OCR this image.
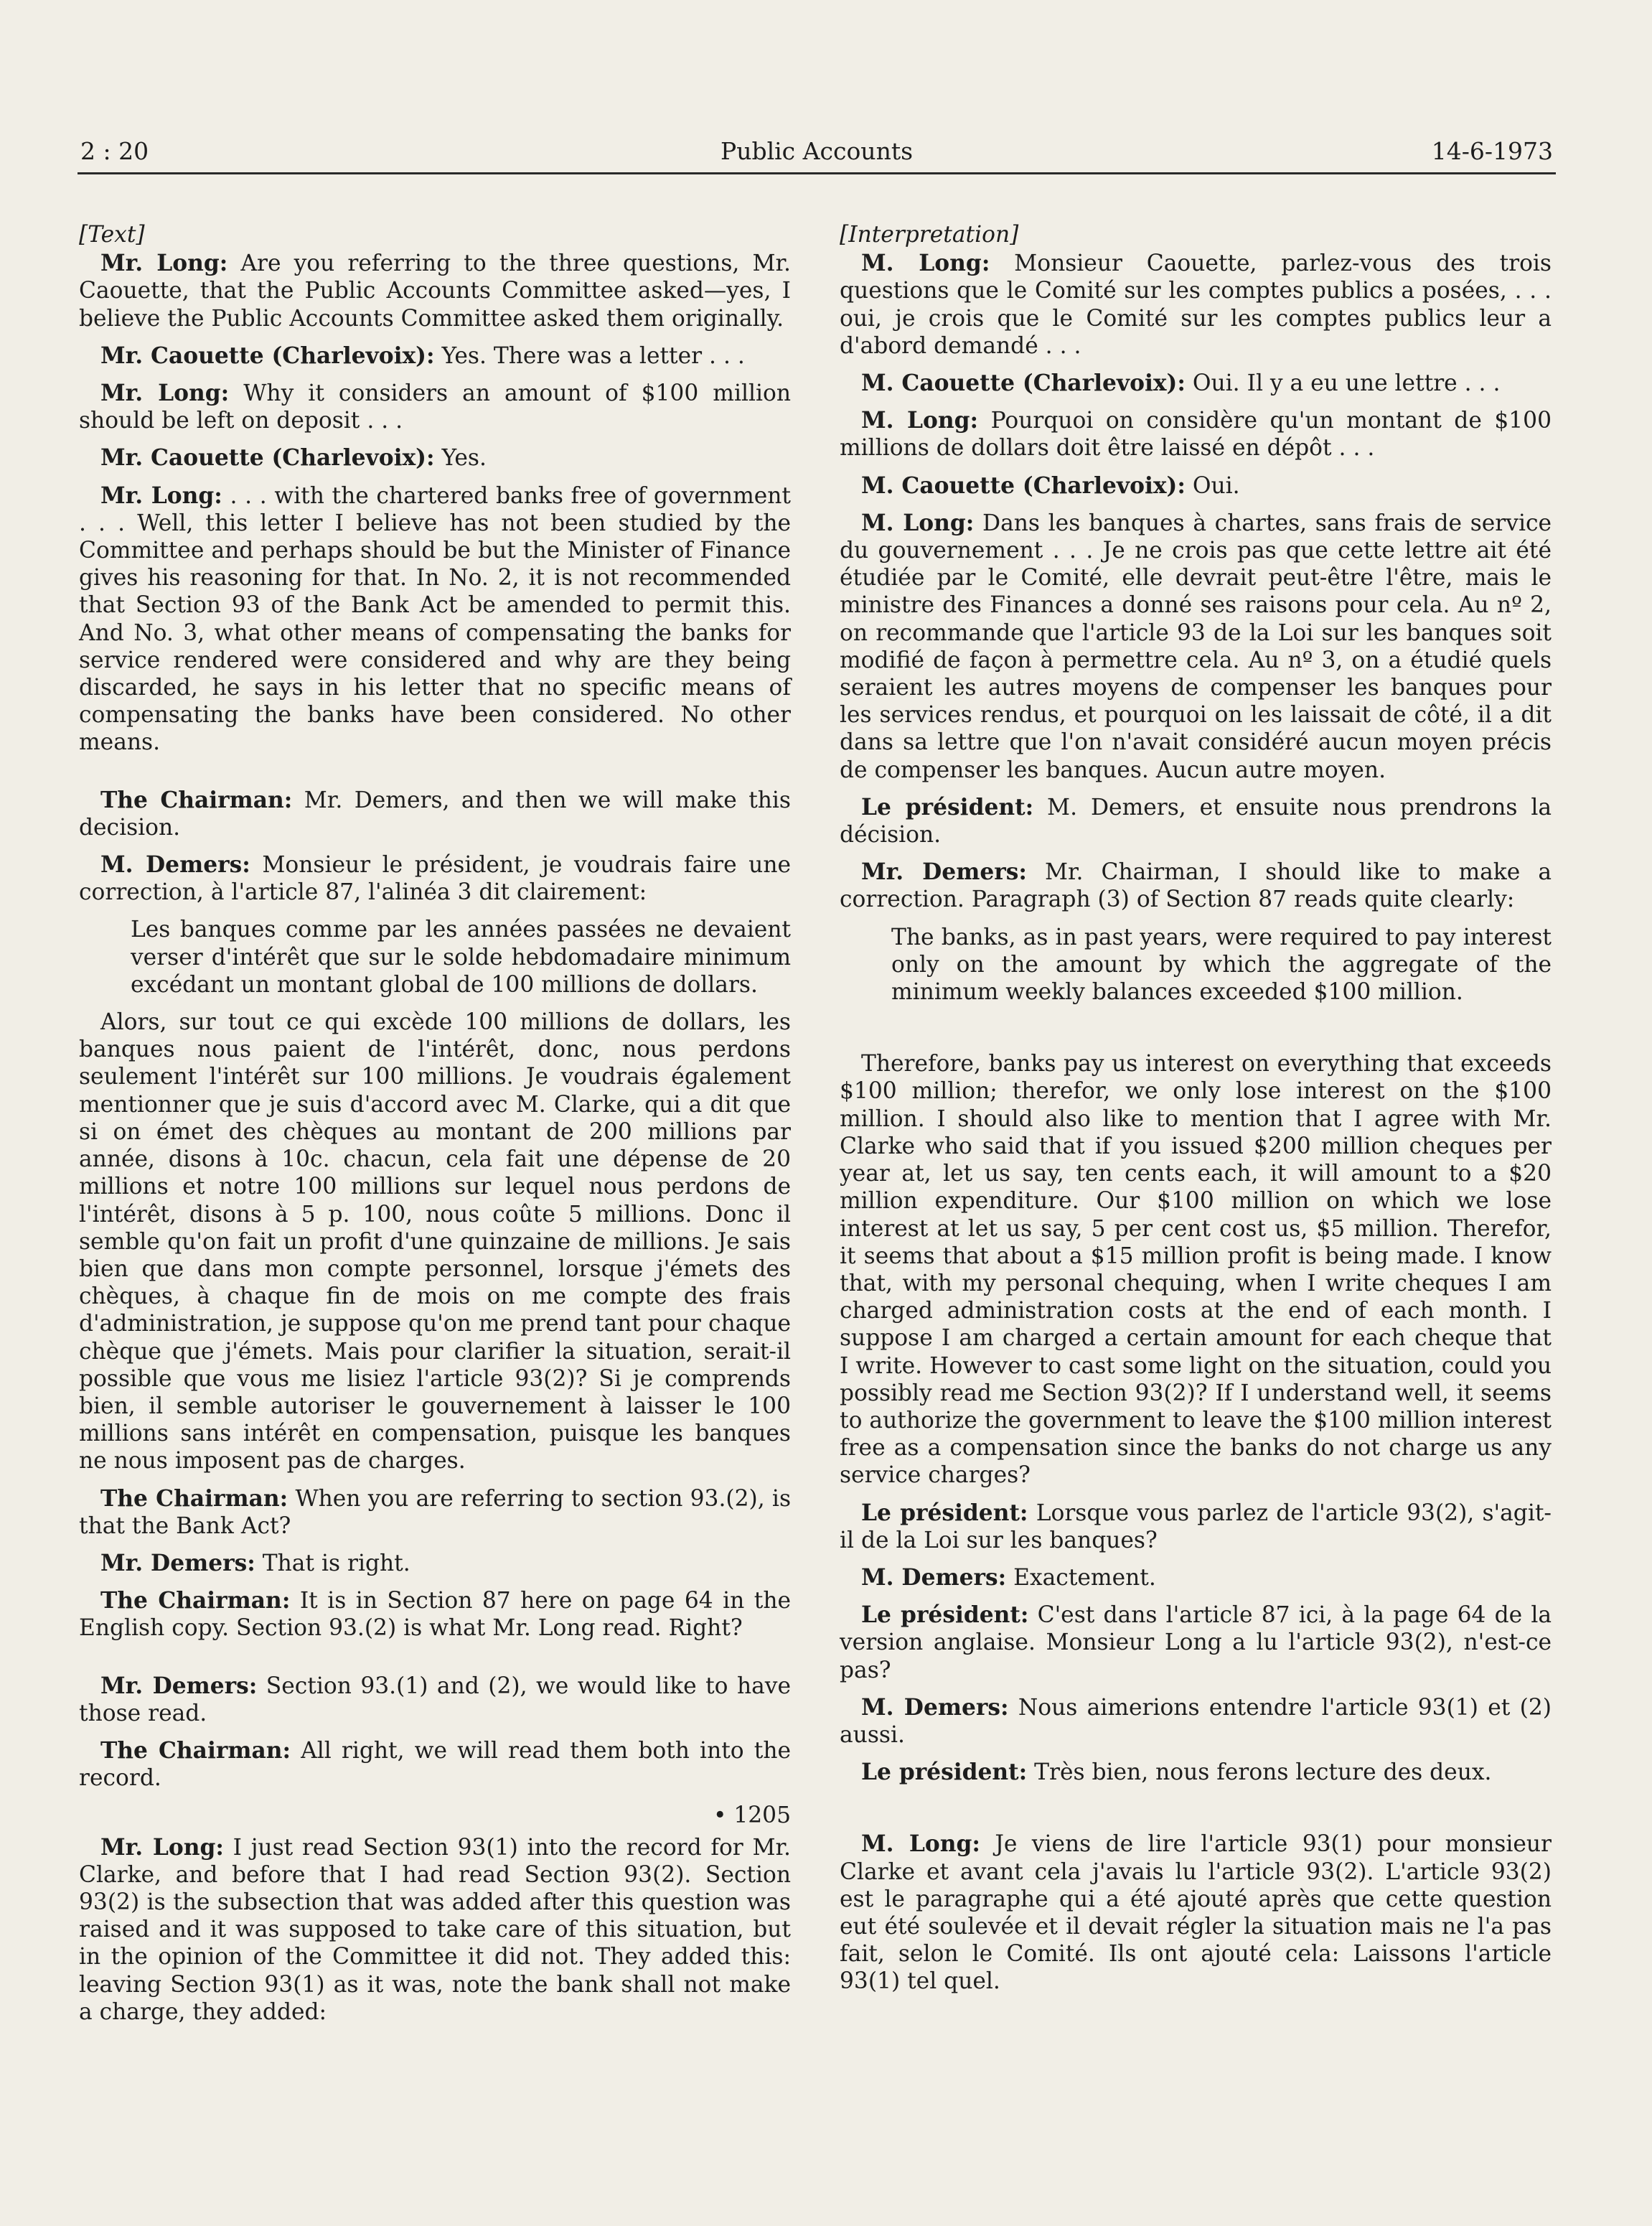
2 : 20	Public Accounts	14-6-1973
[Text]

Mr. Long: Are you referring to the three questions, Mr. Caouette, that the Public Accounts Committee asked—yes, I believe the Public Accounts Committee asked them originally.

Mr. Caouette (Charlevoix): Yes. There was a letter . . .

Mr. Long: Why it considers an amount of $100 million should be left on deposit . . .

Mr. Caouette (Charlevoix): Yes.

Mr. Long: . . . with the chartered banks free of government . . . Well, this letter I believe has not been studied by the Committee and perhaps should be but the Minister of Finance gives his reasoning for that. In No. 2, it is not recommended that Section 93 of the Bank Act be amended to permit this. And No. 3, what other means of compensating the banks for service rendered were considered and why are they being discarded, he says in his letter that no specific means of compensating the banks have been considered. No other means.

The Chairman: Mr. Demers, and then we will make this decision.

M. Demers: Monsieur le président, je voudrais faire une correction, à l'article 87, l'alinéa 3 dit clairement:

Les banques comme par les années passées ne devaient verser d'intérêt que sur le solde hebdomadaire minimum excédant un montant global de 100 millions de dollars.

Alors, sur tout ce qui excède 100 millions de dollars, les banques nous paient de l'intérêt, donc, nous perdons seulement l'intérêt sur 100 millions. Je voudrais également mentionner que je suis d'accord avec M. Clarke, qui a dit que si on émet des chèques au montant de 200 millions par année, disons à 10c. chacun, cela fait une dépense de 20 millions et notre 100 millions sur lequel nous perdons de l'intérêt, disons à 5 p. 100, nous coûte 5 millions. Donc il semble qu'on fait un profit d'une quinzaine de millions. Je sais bien que dans mon compte personnel, lorsque j'émets des chèques, à chaque fin de mois on me compte des frais d'administration, je suppose qu'on me prend tant pour chaque chèque que j'émets. Mais pour clarifier la situation, serait-il possible que vous me lisiez l'article 93(2)? Si je comprends bien, il semble autoriser le gouvernement à laisser le 100 millions sans intérêt en compensation, puisque les banques ne nous imposent pas de charges.

The Chairman: When you are referring to section 93.(2), is that the Bank Act?

Mr. Demers: That is right.

The Chairman: It is in Section 87 here on page 64 in the English copy. Section 93.(2) is what Mr. Long read. Right?

Mr. Demers: Section 93.(1) and (2), we would like to have those read.

The Chairman: All right, we will read them both into the record.

• 1205

Mr. Long: I just read Section 93(1) into the record for Mr. Clarke, and before that I had read Section 93(2). Section 93(2) is the subsection that was added after this question was raised and it was supposed to take care of this situation, but in the opinion of the Committee it did not. They added this: leaving Section 93(1) as it was, note the bank shall not make a charge, they added:

[Interpretation]

M. Long: Monsieur Caouette, parlez-vous des trois questions que le Comité sur les comptes publics a posées, . . . oui, je crois que le Comité sur les comptes publics leur a d'abord demandé . . .

M. Caouette (Charlevoix): Oui. Il y a eu une lettre . . .

M. Long: Pourquoi on considère qu'un montant de $100 millions de dollars doit être laissé en dépôt . . .

M. Caouette (Charlevoix): Oui.

M. Long: Dans les banques à chartes, sans frais de service du gouvernement . . . Je ne crois pas que cette lettre ait été étudiée par le Comité, elle devrait peut-être l'être, mais le ministre des Finances a donné ses raisons pour cela. Au nº 2, on recommande que l'article 93 de la Loi sur les banques soit modifié de façon à permettre cela. Au nº 3, on a étudié quels seraient les autres moyens de compenser les banques pour les services rendus, et pourquoi on les laissait de côté, il a dit dans sa lettre que l'on n'avait considéré aucun moyen précis de compenser les banques. Aucun autre moyen.

Le président: M. Demers, et ensuite nous prendrons la décision.

Mr. Demers: Mr. Chairman, I should like to make a correction. Paragraph (3) of Section 87 reads quite clearly:

The banks, as in past years, were required to pay interest only on the amount by which the aggregate of the minimum weekly balances exceeded $100 million.

Therefore, banks pay us interest on everything that exceeds $100 million; therefor, we only lose interest on the $100 million. I should also like to mention that I agree with Mr. Clarke who said that if you issued $200 million cheques per year at, let us say, ten cents each, it will amount to a $20 million expenditure. Our $100 million on which we lose interest at let us say, 5 per cent cost us, $5 million. Therefor, it seems that about a $15 million profit is being made. I know that, with my personal chequing, when I write cheques I am charged administration costs at the end of each month. I suppose I am charged a certain amount for each cheque that I write. However to cast some light on the situation, could you possibly read me Section 93(2)? If I understand well, it seems to authorize the government to leave the $100 million interest free as a compensation since the banks do not charge us any service charges?

Le président: Lorsque vous parlez de l'article 93(2), s'agit-il de la Loi sur les banques?

M. Demers: Exactement.

Le président: C'est dans l'article 87 ici, à la page 64 de la version anglaise. Monsieur Long a lu l'article 93(2), n'est-ce pas?

M. Demers: Nous aimerions entendre l'article 93(1) et (2) aussi.

Le président: Très bien, nous ferons lecture des deux.

M. Long: Je viens de lire l'article 93(1) pour monsieur Clarke et avant cela j'avais lu l'article 93(2). L'article 93(2) est le paragraphe qui a été ajouté après que cette question eut été soulevée et il devait régler la situation mais ne l'a pas fait, selon le Comité. Ils ont ajouté cela: Laissons l'article 93(1) tel quel.
